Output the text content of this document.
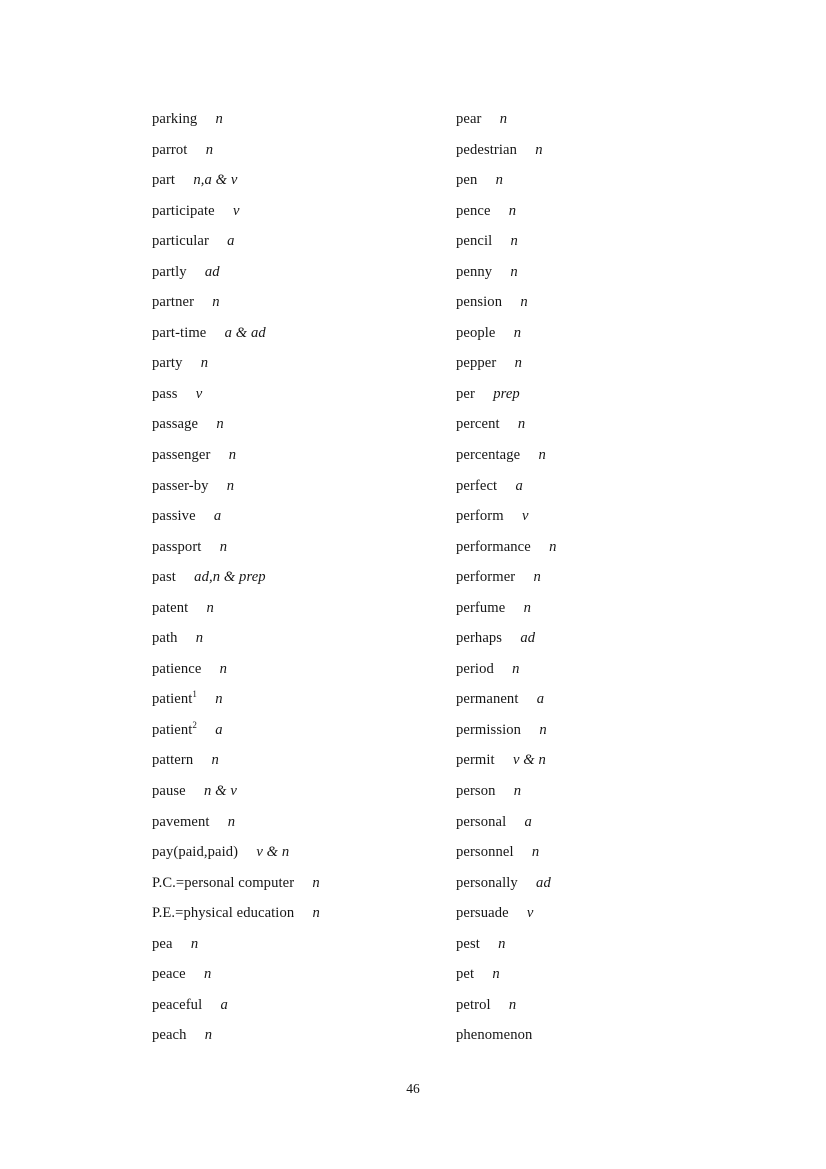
parking n
parrot n
part n,a & v
participate v
particular a
partly ad
partner n
part-time a & ad
party n
pass v
passage n
passenger n
passer-by n
passive a
passport n
past ad,n & prep
patent n
path n
patience n
patient$^1$ n
patient$^2$ a
pattern n
pause n & v
pavement n
pay(paid,paid) v & n
P.C.=personal computer n
P.E.=physical education n
pea n
peace n
peaceful a
peach n
pear n
pedestrian n
pen n
pence n
pencil n
penny n
pension n
people n
pepper n
per prep
percent n
percentage n
perfect a
perform v
performance n
performer n
perfume n
perhaps ad
period n
permanent a
permission n
permit v & n
person n
personal a
personnel n
personally ad
persuade v
pest n
pet n
petrol n
phenomenon
46
